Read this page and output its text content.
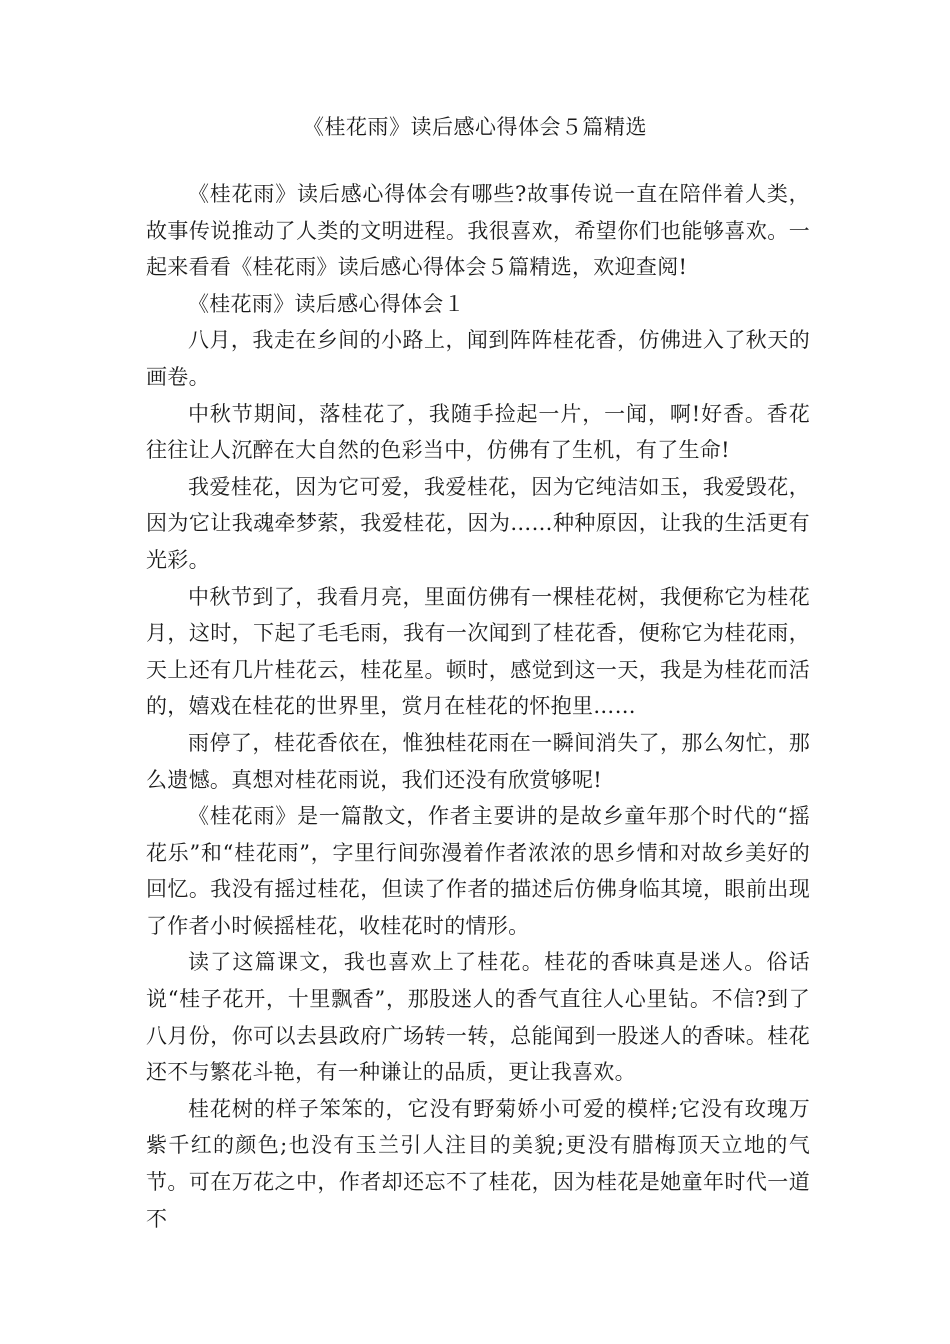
《桂花雨》读后感心得体会５篇精选

《桂花雨》读后感心得体会有哪些?故事传说一直在陪伴着人类，故事传说推动了人类的文明进程。我很喜欢，希望你们也能够喜欢。一起来看看《桂花雨》读后感心得体会５篇精选，欢迎查阅!

《桂花雨》读后感心得体会１

八月，我走在乡间的小路上，闻到阵阵桂花香，仿佛进入了秋天的画卷。

中秋节期间，落桂花了，我随手捡起一片，一闻，啊!好香。香花往往让人沉醉在大自然的色彩当中，仿佛有了生机，有了生命!

我爱桂花，因为它可爱，我爱桂花，因为它纯洁如玉，我爱毁花，因为它让我魂牵梦萦，我爱桂花，因为……种种原因，让我的生活更有光彩。

中秋节到了，我看月亮，里面仿佛有一棵桂花树，我便称它为桂花月，这时，下起了毛毛雨，我有一次闻到了桂花香，便称它为桂花雨，天上还有几片桂花云，桂花星。顿时，感觉到这一天，我是为桂花而活的，嬉戏在桂花的世界里，赏月在桂花的怀抱里……

雨停了，桂花香依在，惟独桂花雨在一瞬间消失了，那么匆忙，那么遗憾。真想对桂花雨说，我们还没有欣赏够呢!

《桂花雨》是一篇散文，作者主要讲的是故乡童年那个时代的“摇花乐”和“桂花雨”，字里行间弥漫着作者浓浓的思乡情和对故乡美好的回忆。我没有摇过桂花，但读了作者的描述后仿佛身临其境，眼前出现了作者小时候摇桂花，收桂花时的情形。

读了这篇课文，我也喜欢上了桂花。桂花的香味真是迷人。俗话说“桂子花开，十里飘香”，那股迷人的香气直往人心里钻。不信?到了八月份，你可以去县政府广场转一转，总能闻到一股迷人的香味。桂花还不与繁花斗艳，有一种谦让的品质，更让我喜欢。

桂花树的样子笨笨的，它没有野菊娇小可爱的模样;它没有玫瑰万紫千红的颜色;也没有玉兰引人注目的美貌;更没有腊梅顶天立地的气节。可在万花之中，作者却还忘不了桂花，因为桂花是她童年时代一道不
